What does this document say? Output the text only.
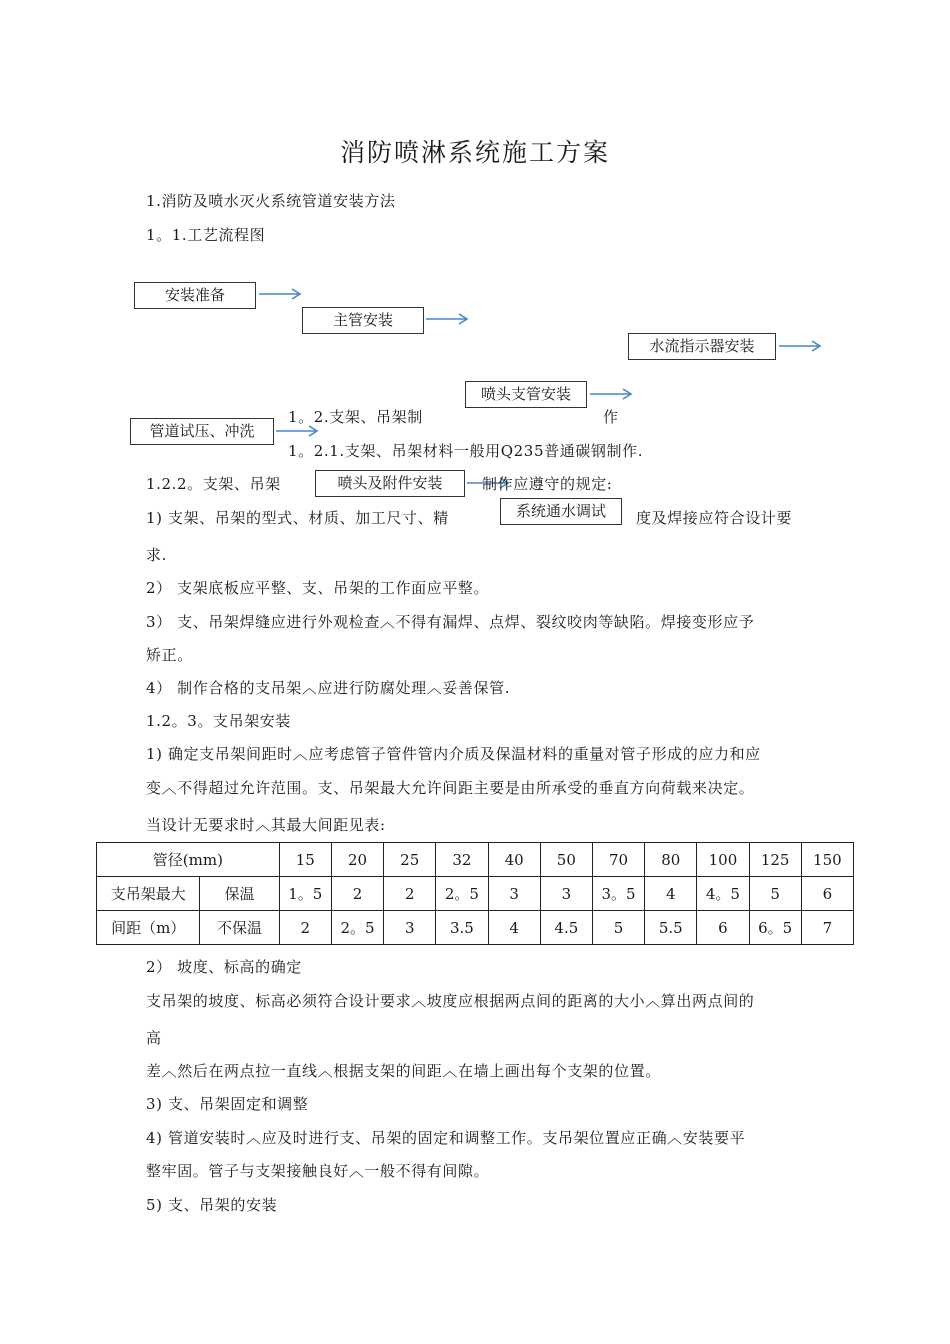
消防喷淋系统施工方案
1.消防及喷水灭火系统管道安装方法
1。1.工艺流程图
安装准备
主管安装
水流指示器安装
喷头支管安装
管道试压、冲洗
喷头及附件安装
系统通水调试
1。2.支架、吊架制	作
1。2.1.支架、吊架材料一般用Q235普通碳钢制作.
1.2.2。支架、吊架	制作应遵守的规定:
1) 支架、吊架的型式、材质、加工尺寸、精	度及焊接应符合设计要
求.
2） 支架底板应平整、支、吊架的工作面应平整。
3） 支、吊架焊缝应进行外观检查︿不得有漏焊、点焊、裂纹咬肉等缺陷。焊接变形应予
矫正。
4） 制作合格的支吊架︿应进行防腐处理︿妥善保管.
1.2。3。支吊架安装
1) 确定支吊架间距时︿应考虑管子管件管内介质及保温材料的重量对管子形成的应力和应
变︿不得超过允许范围。支、吊架最大允许间距主要是由所承受的垂直方向荷载来决定。
当设计无要求时︿其最大间距见表:
管径(mm)		15	20	25	32	40	50	70	80	100	125	150
支吊架最大	保温	1。5	2	2	2。5	3	3	3。5	4	4。5	5	6
间距（m）	不保温	2	2。5	3	3.5	4	4.5	5	5.5	6	6。5	7
2） 坡度、标高的确定
支吊架的坡度、标高必须符合设计要求︿坡度应根据两点间的距离的大小︿算出两点间的
高
差︿然后在两点拉一直线︿根据支架的间距︿在墙上画出每个支架的位置。
3) 支、吊架固定和调整
4) 管道安装时︿应及时进行支、吊架的固定和调整工作。支吊架位置应正确︿安装要平
整牢固。管子与支架接触良好︿一般不得有间隙。
5) 支、吊架的安装
